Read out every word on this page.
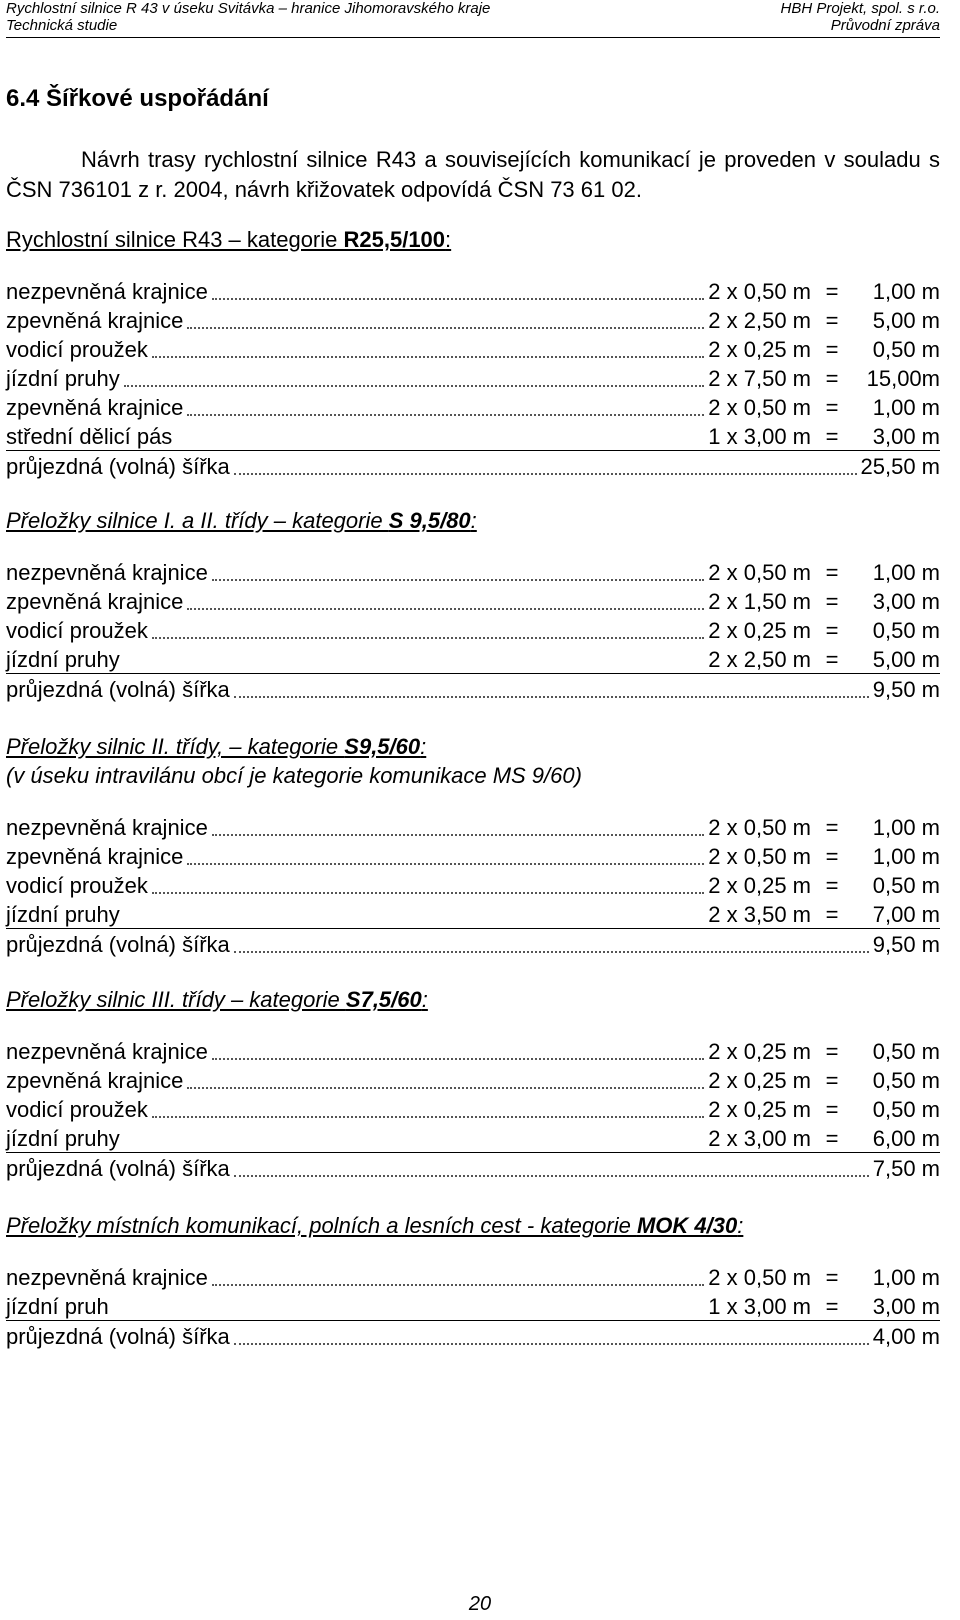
Rychlostní silnice R 43 v úseku Svitávka – hranice Jihomoravského kraje	HBH Projekt, spol. s r.o.
Technická studie	Průvodní zpráva
6.4 Šířkové uspořádání

Návrh trasy rychlostní silnice R43 a souvisejících komunikací je proveden v souladu s ČSN 736101 z r. 2004, návrh křižovatek odpovídá ČSN 73 61 02.

Rychlostní silnice R43 – kategorie R25,5/100:
nezpevněná krajnice	2 x 0,50 m =	1,00 m
zpevněná krajnice	2 x 2,50 m =	5,00 m
vodicí proužek	2 x 0,25 m =	0,50 m
jízdní pruhy	2 x 7,50 m =	15,00m
zpevněná krajnice	2 x 0,50 m =	1,00 m
střední dělicí pás	1 x 3,00 m =	3,00 m
průjezdná (volná) šířka	25,50 m
Přeložky silnice I. a II. třídy – kategorie S 9,5/80:
nezpevněná krajnice	2 x 0,50 m =	1,00 m
zpevněná krajnice	2 x 1,50 m =	3,00 m
vodicí proužek	2 x 0,25 m =	0,50 m
jízdní pruhy	2 x 2,50 m =	5,00 m
průjezdná (volná) šířka	9,50 m
Přeložky silnic II. třídy, – kategorie S9,5/60:
(v úseku intravilánu obcí je kategorie komunikace MS 9/60)
nezpevněná krajnice	2 x 0,50 m =	1,00 m
zpevněná krajnice	2 x 0,50 m =	1,00 m
vodicí proužek	2 x 0,25 m =	0,50 m
jízdní pruhy	2 x 3,50 m =	7,00 m
průjezdná (volná) šířka	9,50 m
Přeložky silnic III. třídy – kategorie S7,5/60:
nezpevněná krajnice	2 x 0,25 m =	0,50 m
zpevněná krajnice	2 x 0,25 m =	0,50 m
vodicí proužek	2 x 0,25 m =	0,50 m
jízdní pruhy	2 x 3,00 m =	6,00 m
průjezdná (volná) šířka	7,50 m
Přeložky místních komunikací, polních a lesních cest - kategorie MOK 4/30:
nezpevněná krajnice	2 x 0,50 m =	1,00 m
jízdní pruh	1 x 3,00 m =	3,00 m
průjezdná (volná) šířka	4,00 m
20
